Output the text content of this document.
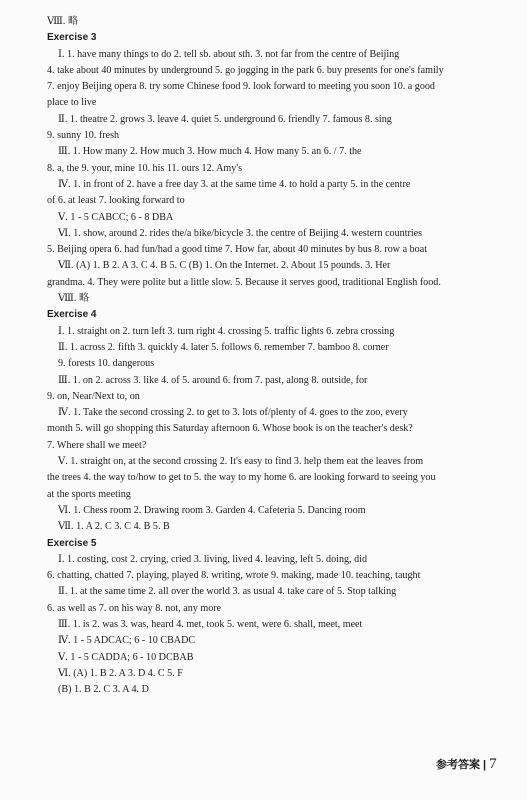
Ⅷ. 略
Exercise 3
Ⅰ. 1. have many things to do 2. tell sb. about sth. 3. not far from the centre of Beijing
4. take about 40 minutes by underground 5. go jogging in the park 6. buy presents for one's family
7. enjoy Beijing opera 8. try some Chinese food 9. look forward to meeting you soon 10. a good
place to live
Ⅱ. 1. theatre 2. grows 3. leave 4. quiet 5. underground 6. friendly 7. famous 8. sing
9. sunny 10. fresh
Ⅲ. 1. How many 2. How much 3. How much 4. How many 5. an 6. / 7. the
8. a, the 9. your, mine 10. his 11. ours 12. Amy's
Ⅳ. 1. in front of 2. have a free day 3. at the same time 4. to hold a party 5. in the centre
of 6. at least 7. looking forward to
Ⅴ. 1 - 5 CABCC; 6 - 8 DBA
Ⅵ. 1. show, around 2. rides the/a bike/bicycle 3. the centre of Beijing 4. western countries
5. Beijing opera 6. had fun/had a good time 7. How far, about 40 minutes by bus 8. row a boat
Ⅶ. (A) 1. B 2. A 3. C 4. B 5. C (B) 1. On the Internet. 2. About 15 pounds. 3. Her
grandma. 4. They were polite but a little slow. 5. Because it serves good, traditional English food.
Ⅷ. 略
Exercise 4
Ⅰ. 1. straight on 2. turn left 3. turn right 4. crossing 5. traffic lights 6. zebra crossing
Ⅱ. 1. across 2. fifth 3. quickly 4. later 5. follows 6. remember 7. bamboo 8. corner
9. forests 10. dangerous
Ⅲ. 1. on 2. across 3. like 4. of 5. around 6. from 7. past, along 8. outside, for
9. on, Near/Next to, on
Ⅳ. 1. Take the second crossing 2. to get to 3. lots of/plenty of 4. goes to the zoo, every
month 5. will go shopping this Saturday afternoon 6. Whose book is on the teacher's desk?
7. Where shall we meet?
Ⅴ. 1. straight on, at the second crossing 2. It's easy to find 3. help them eat the leaves from
the trees 4. the way to/how to get to 5. the way to my home 6. are looking forward to seeing you
at the sports meeting
Ⅵ. 1. Chess room 2. Drawing room 3. Garden 4. Cafeteria 5. Dancing room
Ⅶ. 1. A 2. C 3. C 4. B 5. B
Exercise 5
Ⅰ. 1. costing, cost 2. crying, cried 3. living, lived 4. leaving, left 5. doing, did
6. chatting, chatted 7. playing, played 8. writing, wrote 9. making, made 10. teaching, taught
Ⅱ. 1. at the same time 2. all over the world 3. as usual 4. take care of 5. Stop talking
6. as well as 7. on his way 8. not, any more
Ⅲ. 1. is 2. was 3. was, heard 4. met, took 5. went, were 6. shall, meet, meet
Ⅳ. 1 - 5 ADCAC; 6 - 10 CBADC
Ⅴ. 1 - 5 CADDA; 6 - 10 DCBAB
Ⅵ. (A) 1. B 2. A 3. D 4. C 5. F
(B) 1. B 2. C 3. A 4. D
参考答案 | 7
